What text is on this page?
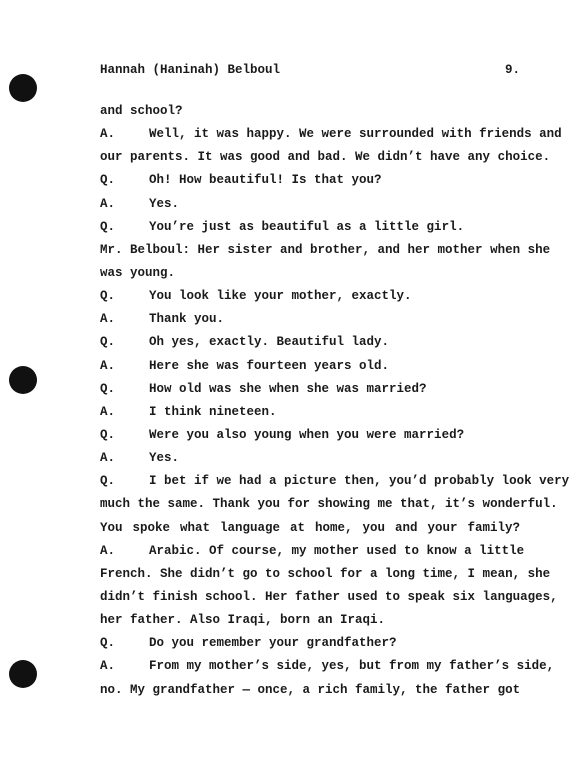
Hannah (Haninah) Belboul	9.
and school?
A.	Well, it was happy. We were surrounded with friends and
our parents. It was good and bad. We didn’t have any choice.
Q.	Oh! How beautiful! Is that you?
A.	Yes.
Q.	You’re just as beautiful as a little girl.
Mr. Belboul: Her sister and brother, and her mother when she
was young.
Q.	You look like your mother, exactly.
A.	Thank you.
Q.	Oh yes, exactly. Beautiful lady.
A.	Here she was fourteen years old.
Q.	How old was she when she was married?
A.	I think nineteen.
Q.	Were you also young when you were married?
A.	Yes.
Q.	I bet if we had a picture then, you’d probably look very
much the same. Thank you for showing me that, it’s wonderful.
You spoke what language at home, you and your family?
A.	Arabic. Of course, my mother used to know a little
French. She didn’t go to school for a long time, I mean, she
didn’t finish school. Her father used to speak six languages,
her father. Also Iraqi, born an Iraqi.
Q.	Do you remember your grandfather?
A.	From my mother’s side, yes, but from my father’s side,
no. My grandfather — once, a rich family, the father got
